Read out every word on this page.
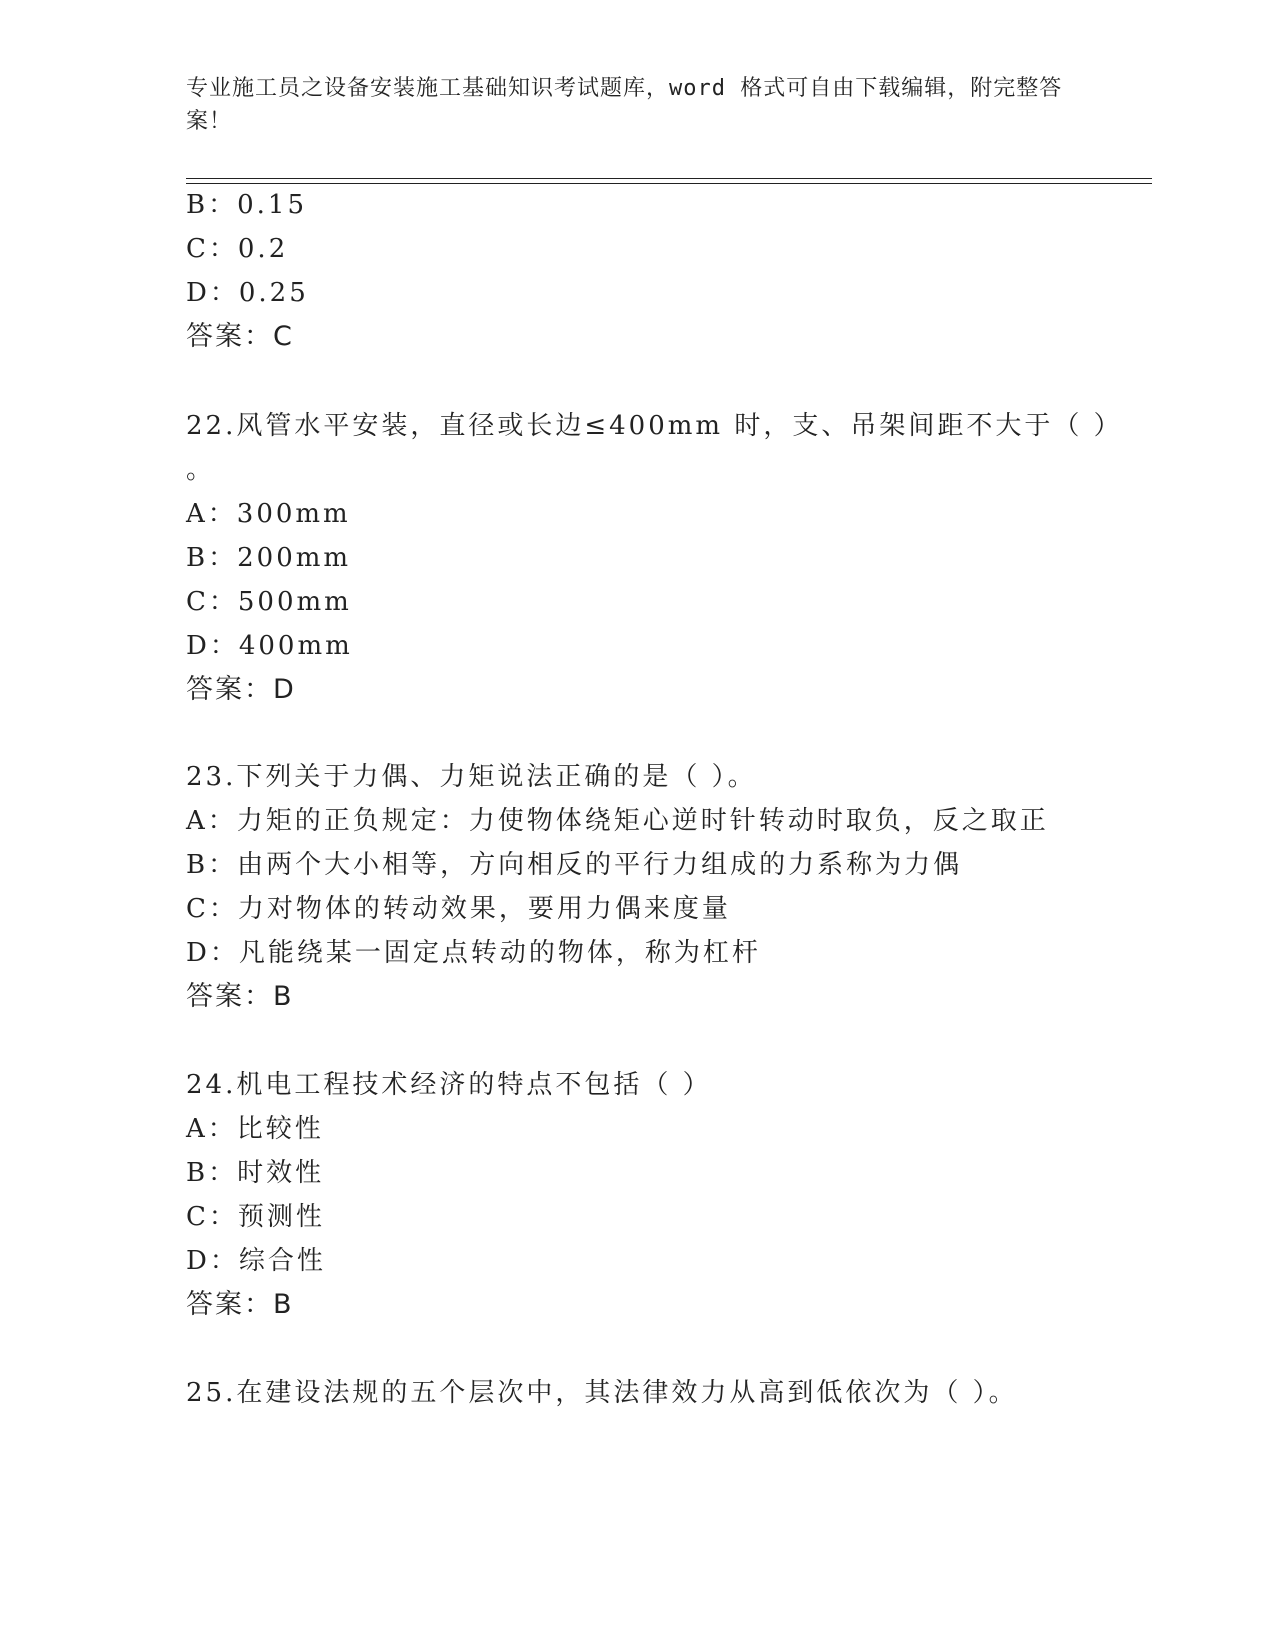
专业施工员之设备安装施工基础知识考试题库，word 格式可自由下载编辑，附完整答案！
B：0.15
C：0.2
D：0.25
答案：C
22.风管水平安装，直径或长边≤400mm 时，支、吊架间距不大于（ ）
。
A：300mm
B：200mm
C：500mm
D：400mm
答案：D
23.下列关于力偶、力矩说法正确的是（ ）。
A：力矩的正负规定：力使物体绕矩心逆时针转动时取负，反之取正
B：由两个大小相等，方向相反的平行力组成的力系称为力偶
C：力对物体的转动效果，要用力偶来度量
D：凡能绕某一固定点转动的物体，称为杠杆
答案：B
24.机电工程技术经济的特点不包括（ ）
A：比较性
B：时效性
C：预测性
D：综合性
答案：B
25.在建设法规的五个层次中，其法律效力从高到低依次为（ ）。
